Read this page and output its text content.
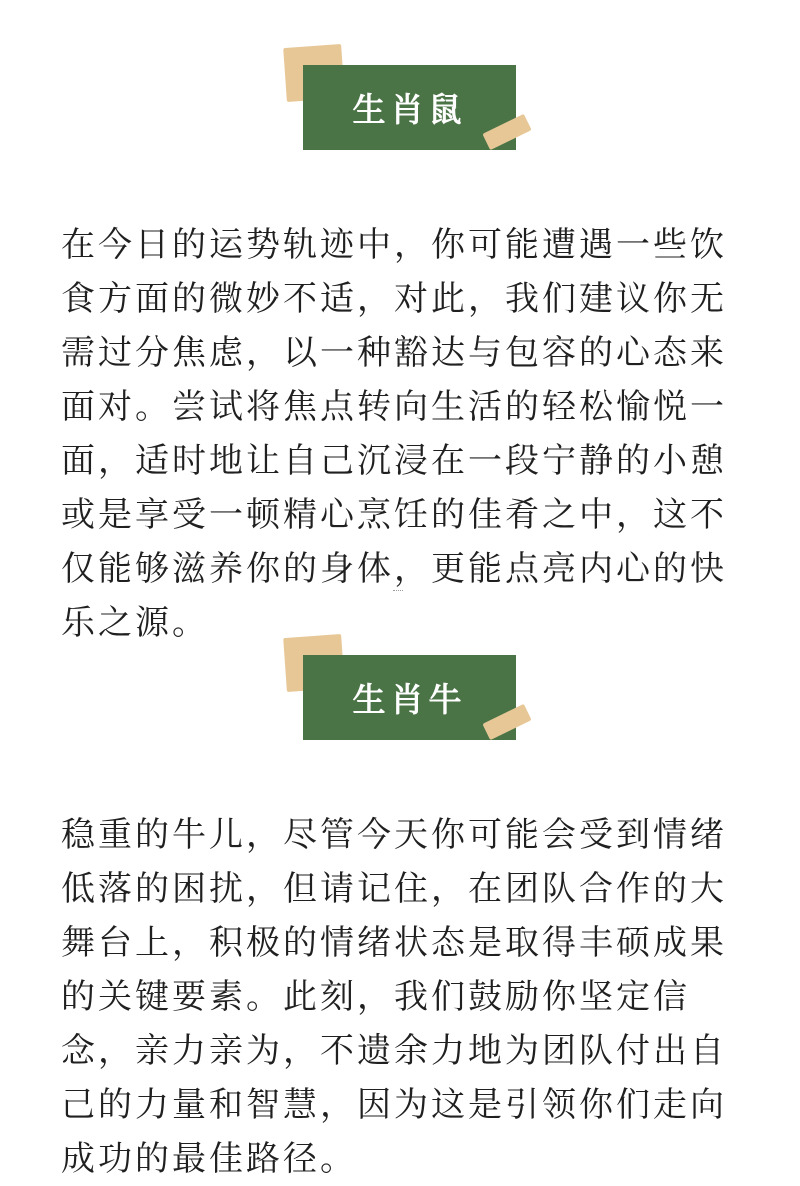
生肖鼠

在今日的运势轨迹中，你可能遭遇一些饮食方面的微妙不适，对此，我们建议你无需过分焦虑，以一种豁达与包容的心态来面对。尝试将焦点转向生活的轻松愉悦一面，适时地让自己沉浸在一段宁静的小憩或是享受一顿精心烹饪的佳肴之中，这不仅能够滋养你的身体，更能点亮内心的快乐之源。

生肖牛

稳重的牛儿，尽管今天你可能会受到情绪低落的困扰，但请记住，在团队合作的大舞台上，积极的情绪状态是取得丰硕成果的关键要素。此刻，我们鼓励你坚定信念，亲力亲为，不遗余力地为团队付出自己的力量和智慧，因为这是引领你们走向成功的最佳路径。
